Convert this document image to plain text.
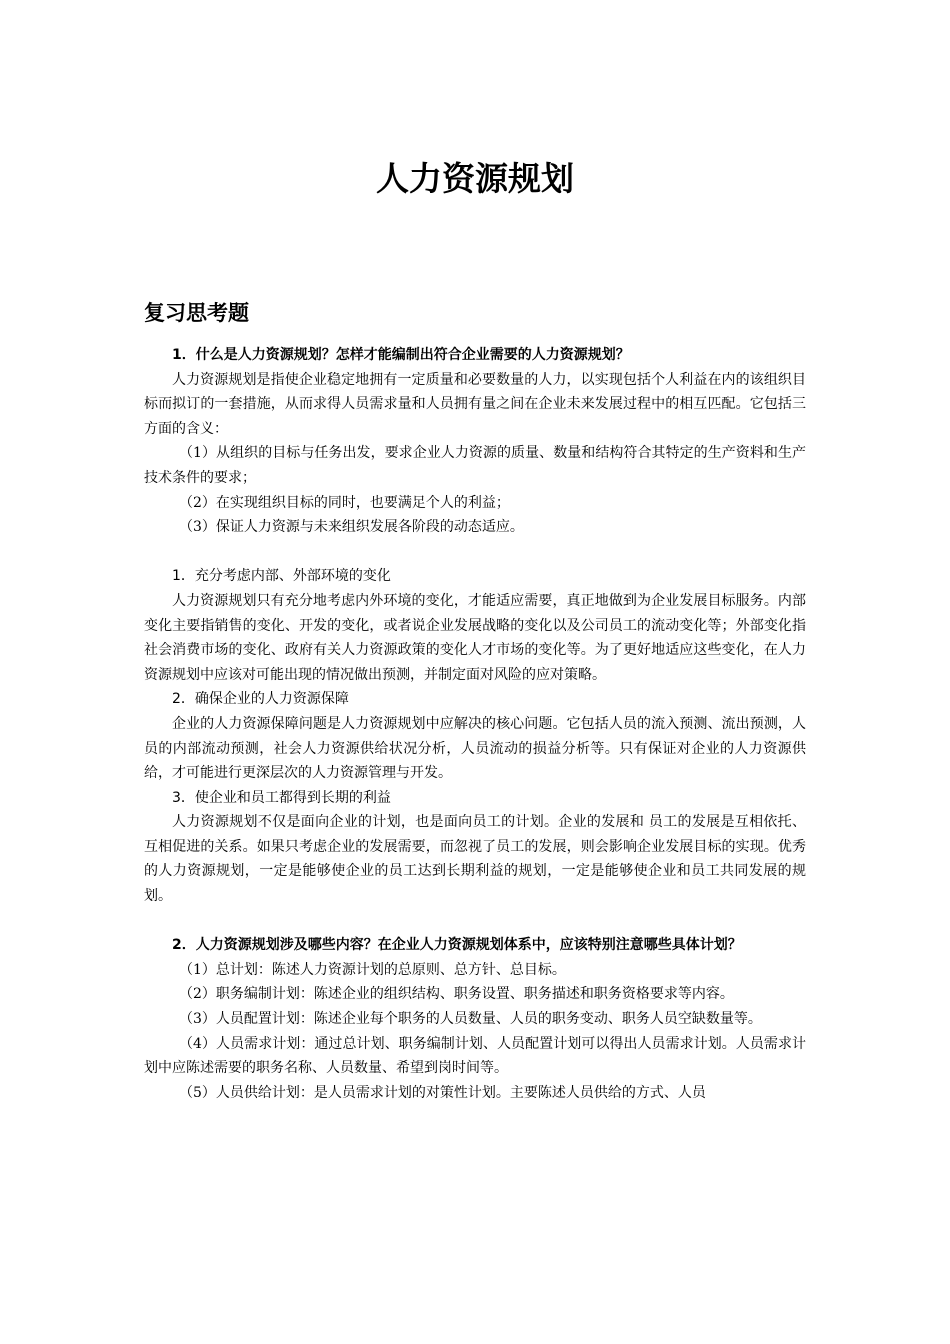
人力资源规划
复习思考题

1．什么是人力资源规划？怎样才能编制出符合企业需要的人力资源规划？

人力资源规划是指使企业稳定地拥有一定质量和必要数量的人力，以实现包括个人利益在内的该组织目标而拟订的一套措施，从而求得人员需求量和人员拥有量之间在企业未来发展过程中的相互匹配。它包括三方面的含义：

（1）从组织的目标与任务出发，要求企业人力资源的质量、数量和结构符合其特定的生产资料和生产技术条件的要求；

（2）在实现组织目标的同时，也要满足个人的利益；

（3）保证人力资源与未来组织发展各阶段的动态适应。

1．充分考虑内部、外部环境的变化

人力资源规划只有充分地考虑内外环境的变化，才能适应需要，真正地做到为企业发展目标服务。内部变化主要指销售的变化、开发的变化，或者说企业发展战略的变化以及公司员工的流动变化等；外部变化指社会消费市场的变化、政府有关人力资源政策的变化人才市场的变化等。为了更好地适应这些变化，在人力资源规划中应该对可能出现的情况做出预测，并制定面对风险的应对策略。

2．确保企业的人力资源保障

企业的人力资源保障问题是人力资源规划中应解决的核心问题。它包括人员的流入预测、流出预测，人员的内部流动预测，社会人力资源供给状况分析，人员流动的损益分析等。只有保证对企业的人力资源供给，才可能进行更深层次的人力资源管理与开发。

3．使企业和员工都得到长期的利益

人力资源规划不仅是面向企业的计划，也是面向员工的计划。企业的发展和 员工的发展是互相依托、互相促进的关系。如果只考虑企业的发展需要，而忽视了员工的发展，则会影响企业发展目标的实现。优秀的人力资源规划，一定是能够使企业的员工达到长期利益的规划，一定是能够使企业和员工共同发展的规划。

2．人力资源规划涉及哪些内容？在企业人力资源规划体系中，应该特别注意哪些具体计划？

（1）总计划：陈述人力资源计划的总原则、总方针、总目标。

（2）职务编制计划：陈述企业的组织结构、职务设置、职务描述和职务资格要求等内容。

（3）人员配置计划：陈述企业每个职务的人员数量、人员的职务变动、职务人员空缺数量等。

（4）人员需求计划：通过总计划、职务编制计划、人员配置计划可以得出人员需求计划。人员需求计划中应陈述需要的职务名称、人员数量、希望到岗时间等。

（5）人员供给计划：是人员需求计划的对策性计划。主要陈述人员供给的方式、人员
